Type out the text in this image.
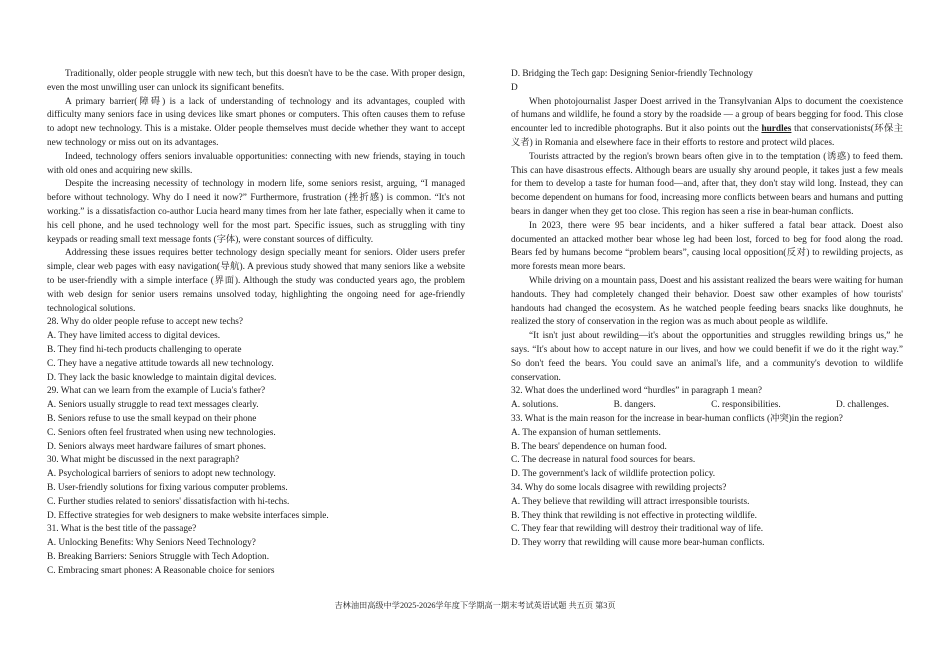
Traditionally, older people struggle with new tech, but this doesn't have to be the case. With proper design, even the most unwilling user can unlock its significant benefits.

A primary barrier(障碍) is a lack of understanding of technology and its advantages, coupled with difficulty many seniors face in using devices like smart phones or computers. This often causes them to refuse to adopt new technology. This is a mistake. Older people themselves must decide whether they want to accept new technology or miss out on its advantages.

Indeed, technology offers seniors invaluable opportunities: connecting with new friends, staying in touch with old ones and acquiring new skills.

Despite the increasing necessity of technology in modern life, some seniors resist, arguing, “I managed before without technology. Why do I need it now?” Furthermore, frustration (挫折感) is common. “It's not working.” is a dissatisfaction co-author Lucia heard many times from her late father, especially when it came to his cell phone, and he used technology well for the most part. Specific issues, such as struggling with tiny keypads or reading small text message fonts (字体), were constant sources of difficulty.

Addressing these issues requires better technology design specially meant for seniors. Older users prefer simple, clear web pages with easy navigation(导航). A previous study showed that many seniors like a website to be user-friendly with a simple interface (界面). Although the study was conducted years ago, the problem with web design for senior users remains unsolved today, highlighting the ongoing need for age-friendly technological solutions.

28. Why do older people refuse to accept new techs?

A. They have limited access to digital devices.

B. They find hi-tech products challenging to operate

C. They have a negative attitude towards all new technology.

D. They lack the basic knowledge to maintain digital devices.

29. What can we learn from the example of Lucia's father?

A. Seniors usually struggle to read text messages clearly.

B. Seniors refuse to use the small keypad on their phone

C. Seniors often feel frustrated when using new technologies.

D. Seniors always meet hardware failures of smart phones.

30. What might be discussed in the next paragraph?

A. Psychological barriers of seniors to adopt new technology.

B. User-friendly solutions for fixing various computer problems.

C. Further studies related to seniors' dissatisfaction with hi-techs.

D. Effective strategies for web designers to make website interfaces simple.

31. What is the best title of the passage?

A. Unlocking Benefits: Why Seniors Need Technology?

B. Breaking Barriers: Seniors Struggle with Tech Adoption.

C. Embracing smart phones: A Reasonable choice for seniors

D. Bridging the Tech gap: Designing Senior-friendly Technology

D

When photojournalist Jasper Doest arrived in the Transylvanian Alps to document the coexistence of humans and wildlife, he found a story by the roadside — a group of bears begging for food. This close encounter led to incredible photographs. But it also points out the hurdles that conservationists(环保主义者) in Romania and elsewhere face in their efforts to restore and protect wild places.

Tourists attracted by the region's brown bears often give in to the temptation (诱惑) to feed them. This can have disastrous effects. Although bears are usually shy around people, it takes just a few meals for them to develop a taste for human food—and, after that, they don't stay wild long. Instead, they can become dependent on humans for food, increasing more conflicts between bears and humans and putting bears in danger when they get too close. This region has seen a rise in bear-human conflicts.

In 2023, there were 95 bear incidents, and a hiker suffered a fatal bear attack. Doest also documented an attacked mother bear whose leg had been lost, forced to beg for food along the road. Bears fed by humans become “problem bears”, causing local opposition(反对) to rewilding projects, as more forests mean more bears.

While driving on a mountain pass, Doest and his assistant realized the bears were waiting for human handouts. They had completely changed their behavior. Doest saw other examples of how tourists' handouts had changed the ecosystem. As he watched people feeding bears snacks like doughnuts, he realized the story of conservation in the region was as much about people as wildlife.

“It isn't just about rewilding—it's about the opportunities and struggles rewilding brings us,” he says. “It's about how to accept nature in our lives, and how we could benefit if we do it the right way.” So don't feed the bears. You could save an animal's life, and a community's devotion to wildlife conservation.

32. What does the underlined word “hurdles” in paragraph 1 mean?

A. solutions.	B. dangers.	C. responsibilities.	D. challenges.

33. What is the main reason for the increase in bear-human conflicts (冲突)in the region?

A. The expansion of human settlements.

B. The bears' dependence on human food.

C. The decrease in natural food sources for bears.

D. The government's lack of wildlife protection policy.

34. Why do some locals disagree with rewilding projects?

A. They believe that rewilding will attract irresponsible tourists.

B. They think that rewilding is not effective in protecting wildlife.

C. They fear that rewilding will destroy their traditional way of life.

D. They worry that rewilding will cause more bear-human conflicts.

吉林油田高级中学2025-2026学年度下学期高一期末考试英语试题 共五页 第3页
